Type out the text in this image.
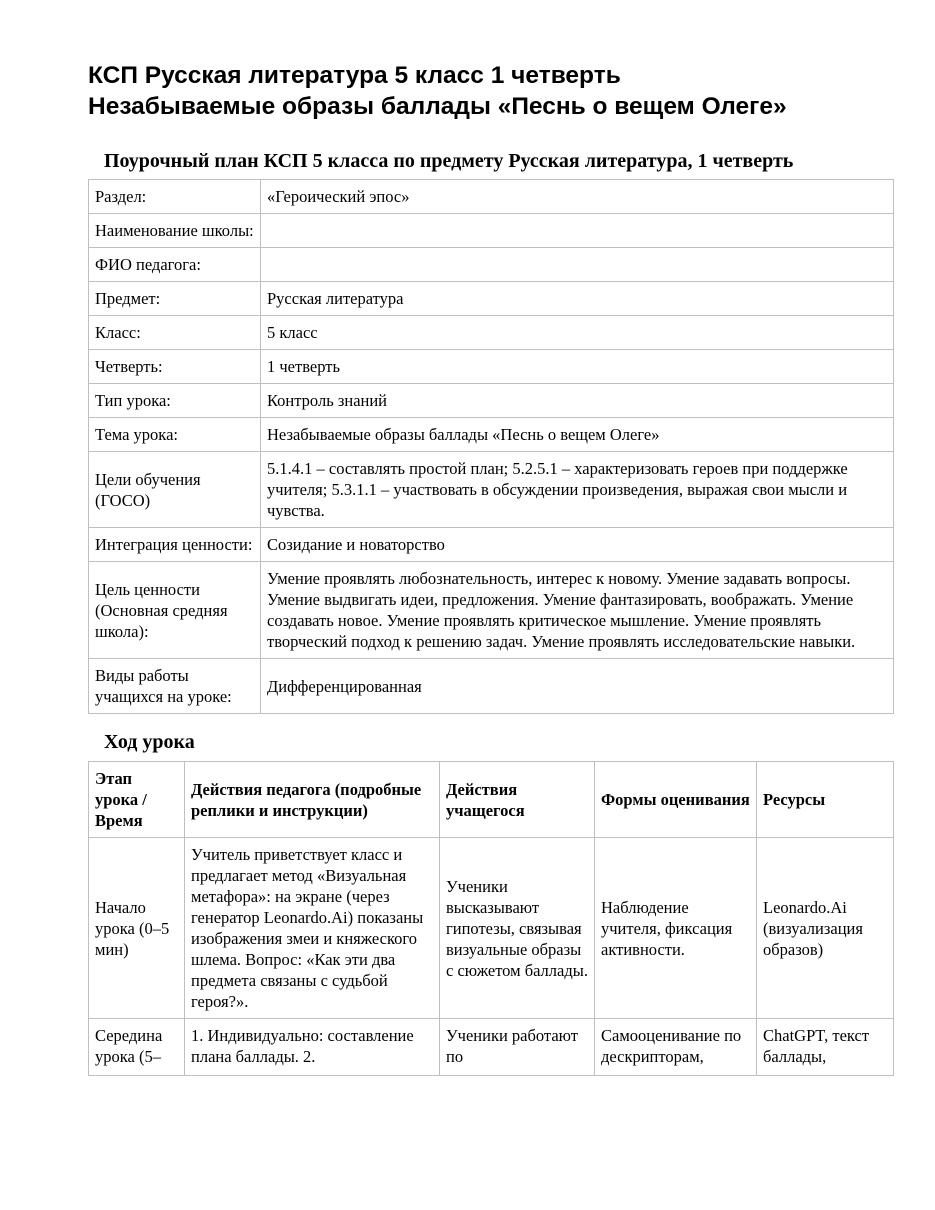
КСП Русская литература 5 класс 1 четверть
Незабываемые образы баллады «Песнь о вещем Олеге»
Поурочный план КСП 5 класса по предмету Русская литература, 1 четверть
Раздел:	«Героический эпос»
Наименование школы:	
ФИО педагога:	
Предмет:	Русская литература
Класс:	5 класс
Четверть:	1 четверть
Тип урока:	Контроль знаний
Тема урока:	Незабываемые образы баллады «Песнь о вещем Олеге»
Цели обучения (ГОСО)	5.1.4.1 – составлять простой план; 5.2.5.1 – характеризовать героев при поддержке учителя; 5.3.1.1 – участвовать в обсуждении произведения, выражая свои мысли и чувства.
Интеграция ценности:	Созидание и новаторство
Цель ценности (Основная средняя школа):	Умение проявлять любознательность, интерес к новому. Умение задавать вопросы. Умение выдвигать идеи, предложения. Умение фантазировать, воображать. Умение создавать новое. Умение проявлять критическое мышление. Умение проявлять творческий подход к решению задач. Умение проявлять исследовательские навыки.
Виды работы учащихся на уроке:	Дифференцированная
Ход урока
Этап урока / Время	Действия педагога (подробные реплики и инструкции)	Действия учащегося	Формы оценивания	Ресурсы
Начало урока (0–5 мин)	Учитель приветствует класс и предлагает метод «Визуальная метафора»: на экране (через генератор Leonardo.Ai) показаны изображения змеи и княжеского шлема. Вопрос: «Как эти два предмета связаны с судьбой героя?».	Ученики высказывают гипотезы, связывая визуальные образы с сюжетом баллады.	Наблюдение учителя, фиксация активности.	Leonardo.Ai (визуализация образов)

Середина урока (5–	1. Индивидуально: составление плана баллады. 2.	Ученики работают по	Самооценивание по дескрипторам,	ChatGPT, текст баллады,
